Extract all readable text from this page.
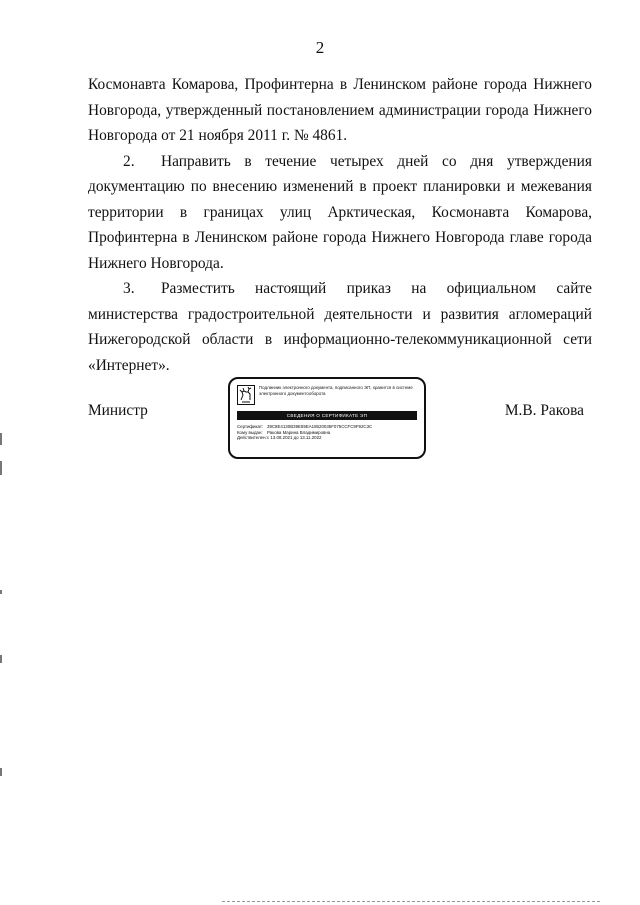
2

Космонавта Комарова, Профинтерна в Ленинском районе города Нижнего Новгорода, утвержденный постановлением администрации города Нижнего Новгорода от 21 ноября 2011 г. № 4861.

2. Направить в течение четырех дней со дня утверждения документацию по внесению изменений в проект планировки и межевания территории в границах улиц Арктическая, Космонавта Комарова, Профинтерна в Ленинском районе города Нижнего Новгорода главе города Нижнего Новгорода.

3. Разместить настоящий приказ на официальном сайте министерства градостроительной деятельности и развития агломераций Нижегородской области в информационно-телекоммуникационной сети «Интернет».

Министр	М.В. Ракова
Подлинник электронного документа, подписанного ЭП, хранится в системе электронного документооборота
СВЕДЕНИЯ О СЕРТИФИКАТЕ ЭП
Сертификат: 39C8E4130B39E59EA18520035F075CCFC9F92C3C
Кому выдан: Ракова Марина Владимировна
Действителен:с 13.08.2021 до 13.11.2022
